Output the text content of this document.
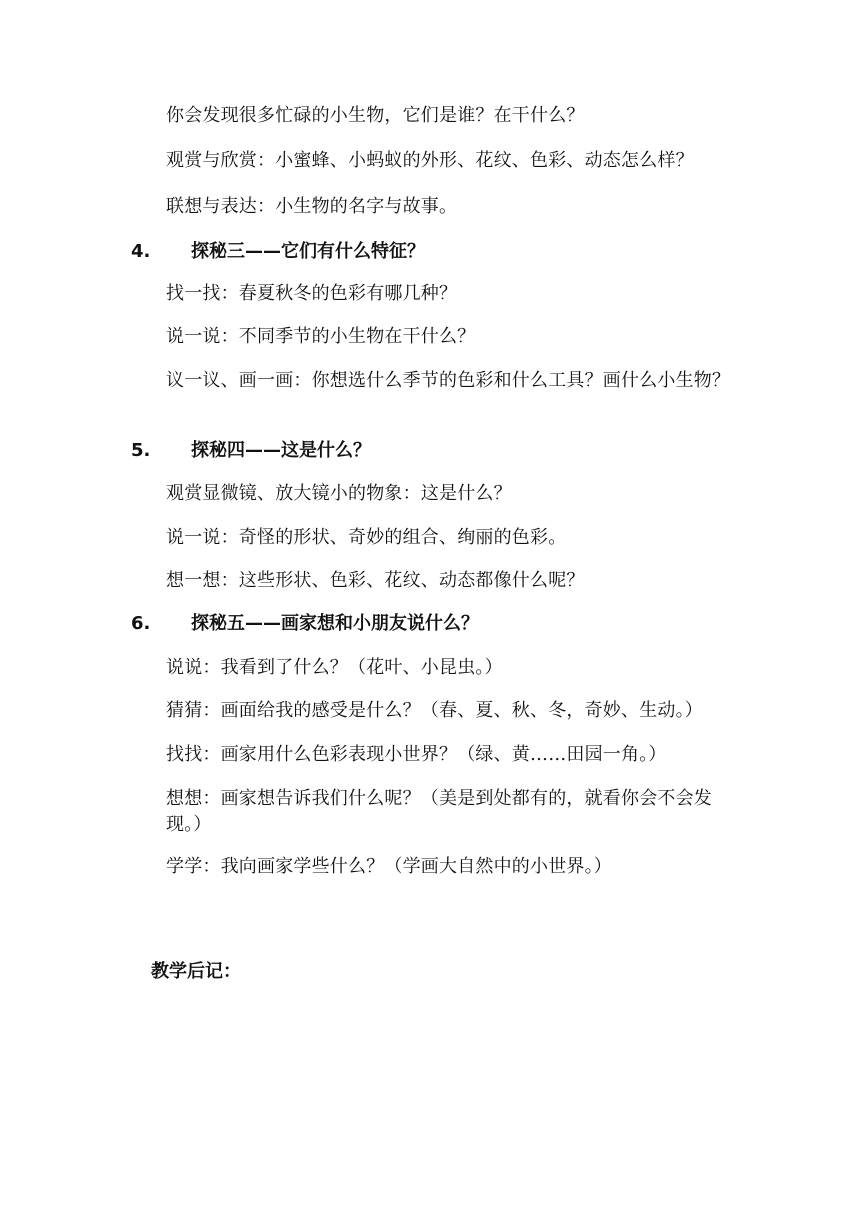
你会发现很多忙碌的小生物，它们是谁？在干什么？
观赏与欣赏：小蜜蜂、小蚂蚁的外形、花纹、色彩、动态怎么样？
联想与表达：小生物的名字与故事。
4. 探秘三——它们有什么特征？
找一找：春夏秋冬的色彩有哪几种？
说一说：不同季节的小生物在干什么？
议一议、画一画：你想选什么季节的色彩和什么工具？画什么小生物？
5. 探秘四——这是什么？
观赏显微镜、放大镜小的物象：这是什么？
说一说：奇怪的形状、奇妙的组合、绚丽的色彩。
想一想：这些形状、色彩、花纹、动态都像什么呢？
6. 探秘五——画家想和小朋友说什么？
说说：我看到了什么？（花叶、小昆虫。）
猜猜：画面给我的感受是什么？（春、夏、秋、冬，奇妙、生动。）
找找：画家用什么色彩表现小世界？（绿、黄……田园一角。）
想想：画家想告诉我们什么呢？（美是到处都有的，就看你会不会发现。）
学学：我向画家学些什么？（学画大自然中的小世界。）
教学后记：
